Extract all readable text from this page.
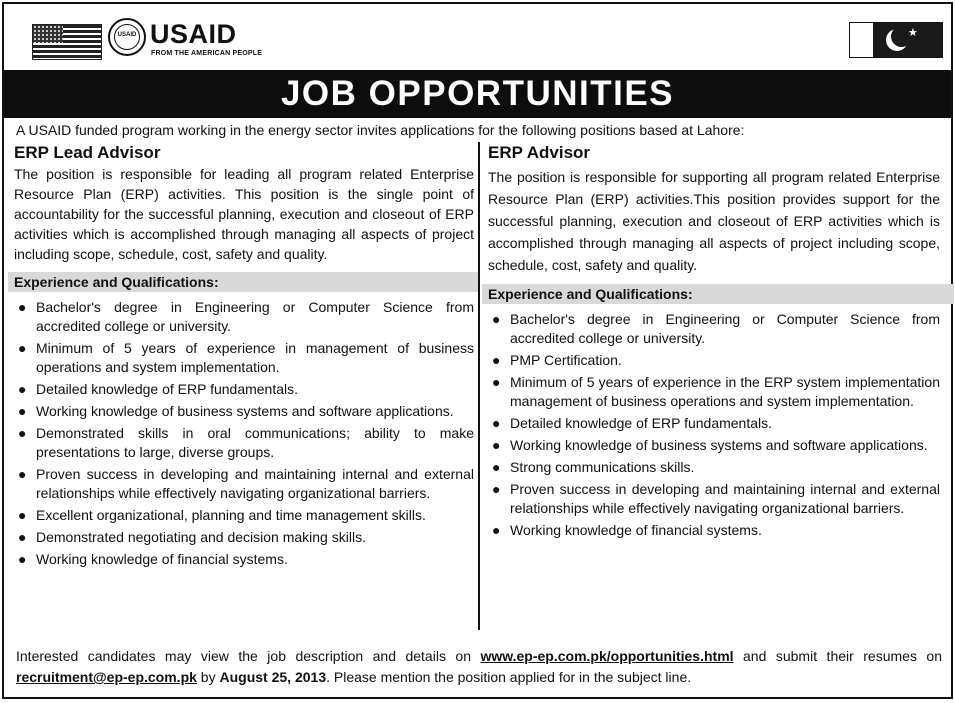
USAID USAID
FROM THE AMERICAN PEOPLE
★
JOB OPPORTUNITIES
A USAID funded program working in the energy sector invites applications for the following positions based at Lahore:
ERP Lead Advisor
The position is responsible for leading all program related Enterprise Resource Plan (ERP) activities. This position is the single point of accountability for the successful planning, execution and closeout of ERP activities which is accomplished through managing all aspects of project including scope, schedule, cost, safety and quality.
Experience and Qualifications:
● Bachelor's degree in Engineering or Computer Science from accredited college or university.
● Minimum of 5 years of experience in management of business operations and system implementation.
● Detailed knowledge of ERP fundamentals.
● Working knowledge of business systems and software applications.
● Demonstrated skills in oral communications; ability to make presentations to large, diverse groups.
● Proven success in developing and maintaining internal and external relationships while effectively navigating organizational barriers.
● Excellent organizational, planning and time management skills.
● Demonstrated negotiating and decision making skills.
● Working knowledge of financial systems.
ERP Advisor
The position is responsible for supporting all program related Enterprise Resource Plan (ERP) activities.This position provides support for the successful planning, execution and closeout of ERP activities which is accomplished through managing all aspects of project including scope, schedule, cost, safety and quality.
Experience and Qualifications:
● Bachelor's degree in Engineering or Computer Science from accredited college or university.
● PMP Certification.
● Minimum of 5 years of experience in the ERP system implementation management of business operations and system implementation.
● Detailed knowledge of ERP fundamentals.
● Working knowledge of business systems and software applications.
● Strong communications skills.
● Proven success in developing and maintaining internal and external relationships while effectively navigating organizational barriers.
● Working knowledge of financial systems.
Interested candidates may view the job description and details on www.ep-ep.com.pk/opportunities.html and submit their resumes on recruitment@ep-ep.com.pk by August 25, 2013. Please mention the position applied for in the subject line.
